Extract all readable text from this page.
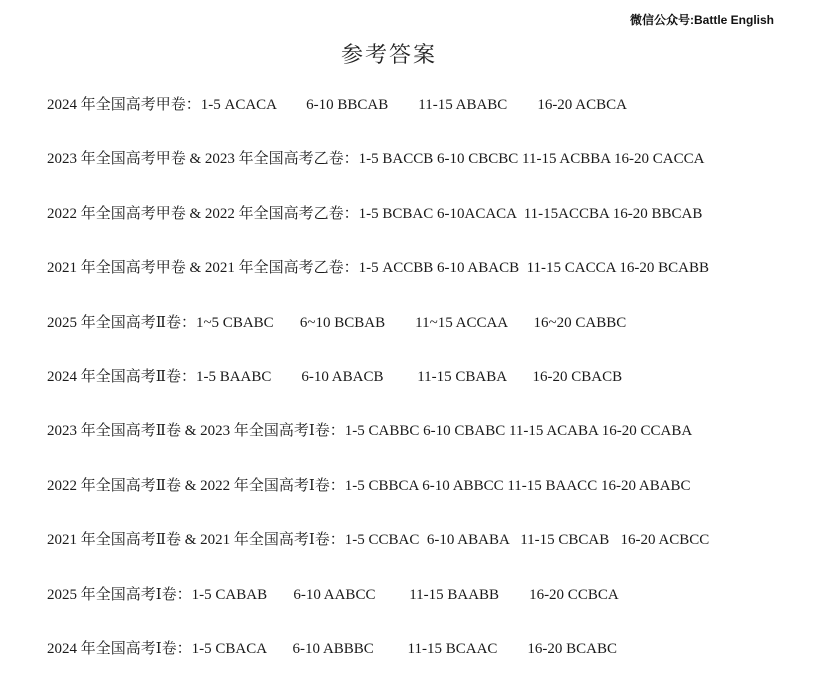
微信公众号:Battle English
参考答案
2024 年全国高考甲卷：1-5 ACACA        6-10 BBCAB        11-15 ABABC        16-20 ACBCA
2023 年全国高考甲卷 & 2023 年全国高考乙卷：1-5 BACCB 6-10 CBCBC 11-15 ACBBA 16-20 CACCA
2022 年全国高考甲卷 & 2022 年全国高考乙卷：1-5 BCBAC 6-10ACACA  11-15ACCBA 16-20 BBCAB
2021 年全国高考甲卷 & 2021 年全国高考乙卷：1-5 ACCBB 6-10 ABACB  11-15 CACCA 16-20 BCABB
2025 年全国高考Ⅱ卷：1~5 CBABC       6~10 BCBAB        11~15 ACCAA       16~20 CABBC
2024 年全国高考Ⅱ卷：1-5 BAABC        6-10 ABACB         11-15 CBABA       16-20 CBACB
2023 年全国高考Ⅱ卷 & 2023 年全国高考Ⅰ卷：1-5 CABBC 6-10 CBABC 11-15 ACABA 16-20 CCABA
2022 年全国高考Ⅱ卷 & 2022 年全国高考Ⅰ卷：1-5 CBBCA 6-10 ABBCC 11-15 BAACC 16-20 ABABC
2021 年全国高考Ⅱ卷 & 2021 年全国高考Ⅰ卷：1-5 CCBAC  6-10 ABABA   11-15 CBCAB   16-20 ACBCC
2025 年全国高考Ⅰ卷：1-5 CABAB       6-10 AABCC         11-15 BAABB        16-20 CCBCA
2024 年全国高考Ⅰ卷：1-5 CBACA       6-10 ABBBC         11-15 BCAAC        16-20 BCABC
